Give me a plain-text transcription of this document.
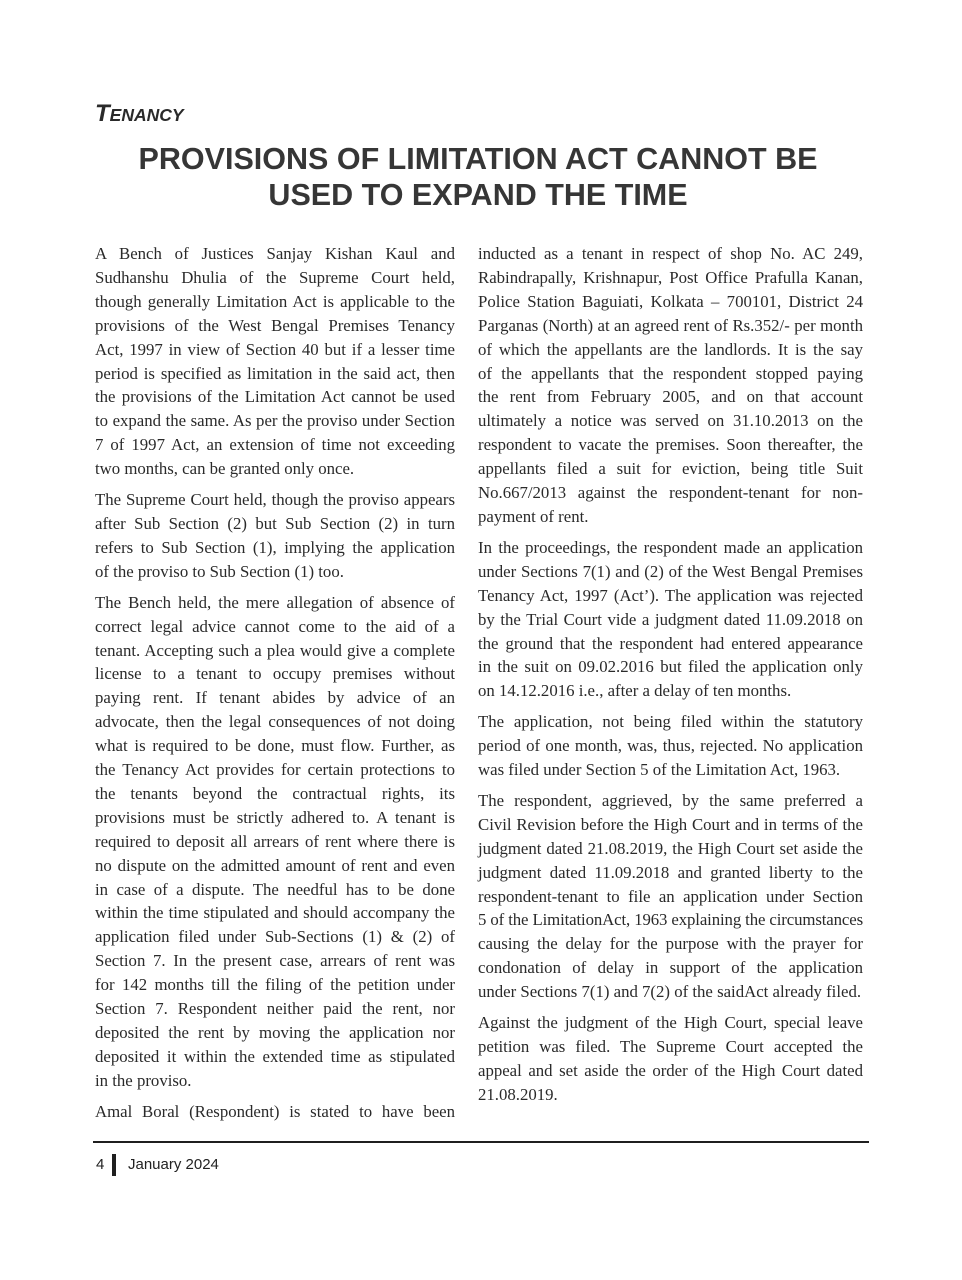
TENANCY
PROVISIONS OF LIMITATION ACT CANNOT BE
USED TO EXPAND THE TIME

A Bench of Justices Sanjay Kishan Kaul and
Sudhanshu Dhulia of the Supreme Court held,
though generally Limitation Act is applicable to the
provisions of the West Bengal Premises Tenancy
Act, 1997 in view of Section 40 but if a lesser time
period is specified as limitation in the said act, then
the provisions of the Limitation Act cannot be used
to expand the same. As per the proviso under Section
7 of 1997 Act, an extension of time not exceeding
two months, can be granted only once.

The Supreme Court held, though the proviso appears
after Sub Section (2) but Sub Section (2) in turn
refers to Sub Section (1), implying the application
of the proviso to Sub Section (1) too.

The Bench held, the mere allegation of absence of
correct legal advice cannot come to the aid of a
tenant. Accepting such a plea would give a complete
license to a tenant to occupy premises without
paying rent. If tenant abides by advice of an
advocate, then the legal consequences of not doing
what is required to be done, must flow. Further, as
the Tenancy Act provides for certain protections to
the tenants beyond the contractual rights, its
provisions must be strictly adhered to. A tenant is
required to deposit all arrears of rent where there is
no dispute on the admitted amount of rent and even
in case of a dispute. The needful has to be done
within the time stipulated and should accompany the
application filed under Sub-Sections (1) & (2) of
Section 7. In the present case, arrears of rent was
for 142 months till the filing of the petition under
Section 7. Respondent neither paid the rent, nor
deposited the rent by moving the application nor
deposited it within the extended time as stipulated
in the proviso.

Amal Boral (Respondent) is stated to have been

inducted as a tenant in respect of shop No. AC 249,
Rabindrapally, Krishnapur, Post Office Prafulla Kanan,
Police Station Baguiati, Kolkata – 700101, District 24
Parganas (North) at an agreed rent of Rs.352/- per month
of which the appellants are the landlords. It is the say
of the appellants that the respondent stopped paying
the rent from February 2005, and on that account
ultimately a notice was served on 31.10.2013 on the
respondent to vacate the premises. Soon thereafter, the
appellants filed a suit for eviction, being title Suit
No.667/2013 against the respondent-tenant for non-
payment of rent.

In the proceedings, the respondent made an application
under Sections 7(1) and (2) of the West Bengal Premises
Tenancy Act, 1997 (Act’). The application was rejected
by the Trial Court vide a judgment dated 11.09.2018 on
the ground that the respondent had entered appearance
in the suit on 09.02.2016 but filed the application only
on 14.12.2016 i.e., after a delay of ten months.

The application, not being filed within the statutory
period of one month, was, thus, rejected. No application
was filed under Section 5 of the Limitation Act, 1963.

The respondent, aggrieved, by the same preferred a
Civil Revision before the High Court and in terms of the
judgment dated 21.08.2019, the High Court set aside the
judgment dated 11.09.2018 and granted liberty to the
respondent-tenant to file an application under Section
5 of the LimitationAct, 1963 explaining the circumstances
causing the delay for the purpose with the prayer for
condonation of delay in support of the application
under Sections 7(1) and 7(2) of the saidAct already filed.

Against the judgment of the High Court, special leave
petition was filed. The Supreme Court accepted the
appeal and set aside the order of the High Court dated
21.08.2019.

4 January 2024
